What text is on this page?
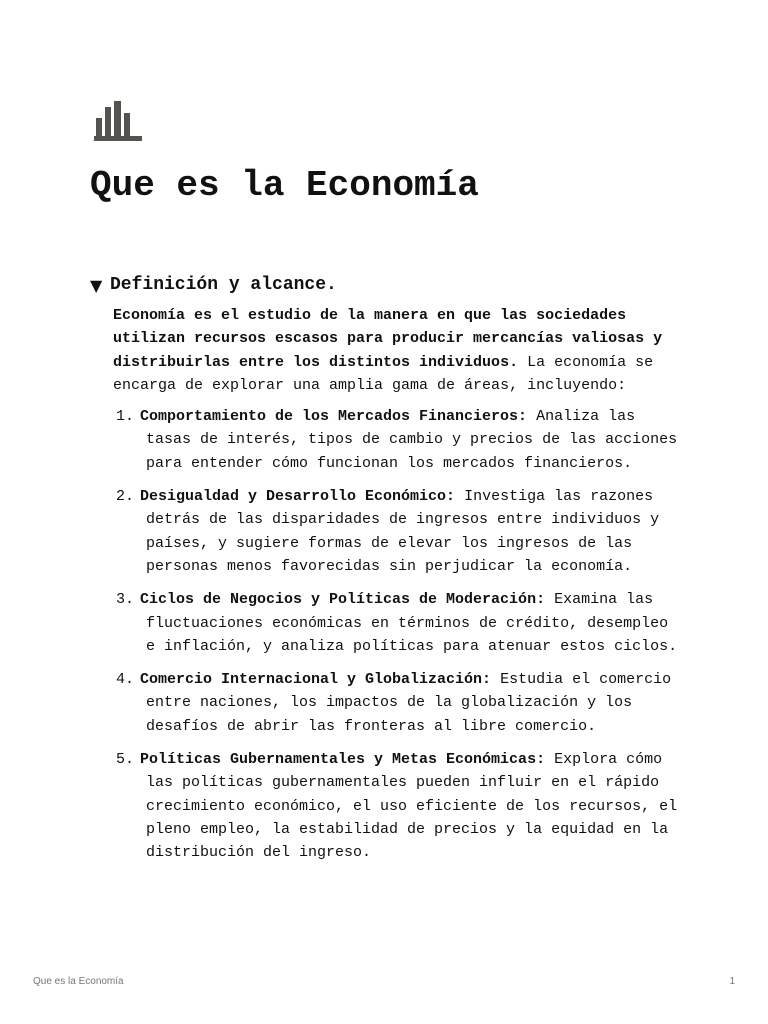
Que es la Economía
▼ Definición y alcance.

Economía es el estudio de la manera en que las sociedades utilizan recursos escasos para producir mercancías valiosas y distribuirlas entre los distintos individuos. La economía se encarga de explorar una amplia gama de áreas, incluyendo:

1. Comportamiento de los Mercados Financieros: Analiza las tasas de interés, tipos de cambio y precios de las acciones para entender cómo funcionan los mercados financieros.
2. Desigualdad y Desarrollo Económico: Investiga las razones detrás de las disparidades de ingresos entre individuos y países, y sugiere formas de elevar los ingresos de las personas menos favorecidas sin perjudicar la economía.
3. Ciclos de Negocios y Políticas de Moderación: Examina las fluctuaciones económicas en términos de crédito, desempleo e inflación, y analiza políticas para atenuar estos ciclos.
4. Comercio Internacional y Globalización: Estudia el comercio entre naciones, los impactos de la globalización y los desafíos de abrir las fronteras al libre comercio.
5. Políticas Gubernamentales y Metas Económicas: Explora cómo las políticas gubernamentales pueden influir en el rápido crecimiento económico, el uso eficiente de los recursos, el pleno empleo, la estabilidad de precios y la equidad en la distribución del ingreso.
Que es la Economía	1
